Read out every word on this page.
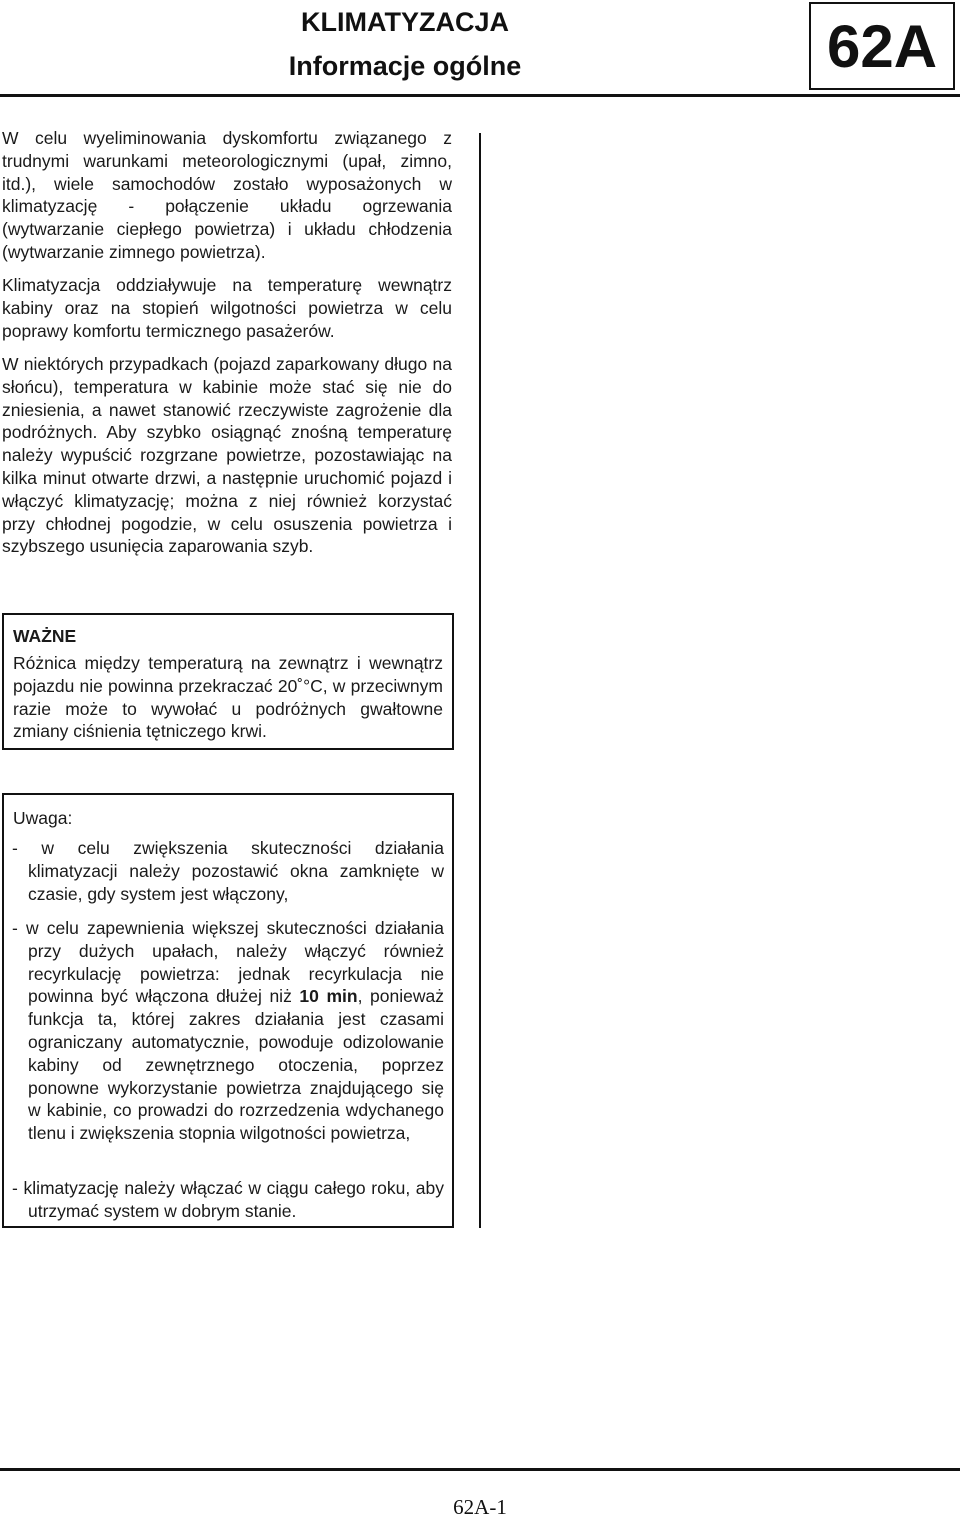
KLIMATYZACJA
Informacje ogólne	62A

W celu wyeliminowania dyskomfortu związanego z trudnymi warunkami meteorologicznymi (upał, zimno, itd.), wiele samochodów zostało wyposażonych w klimatyzację - połączenie układu ogrzewania (wytwarzanie ciepłego powietrza) i układu chłodzenia (wytwarzanie zimnego powietrza).

Klimatyzacja oddziaływuje na temperaturę wewnątrz kabiny oraz na stopień wilgotności powietrza w celu poprawy komfortu termicznego pasażerów.

W niektórych przypadkach (pojazd zaparkowany długo na słońcu), temperatura w kabinie może stać się nie do zniesienia, a nawet stanowić rzeczywiste zagrożenie dla podróżnych. Aby szybko osiągnąć znośną temperaturę należy wypuścić rozgrzane powietrze, pozostawiając na kilka minut otwarte drzwi, a następnie uruchomić pojazd i włączyć klimatyzację; można z niej również korzystać przy chłodnej pogodzie, w celu osuszenia powietrza i szybszego usunięcia zaparowania szyb.

WAŻNE

Różnica między temperaturą na zewnątrz i wewnątrz pojazdu nie powinna przekraczać 20˚°C, w przeciwnym razie może to wywołać u podróżnych gwałtowne zmiany ciśnienia tętniczego krwi.

Uwaga:

- w celu zwiększenia skuteczności działania klimatyzacji należy pozostawić okna zamknięte w czasie, gdy system jest włączony,

- w celu zapewnienia większej skuteczności działania przy dużych upałach, należy włączyć również recyrkulację powietrza: jednak recyrkulacja nie powinna być włączona dłużej niż 10 min, ponieważ funkcja ta, której zakres działania jest czasami ograniczany automatycznie, powoduje odizolowanie kabiny od zewnętrznego otoczenia, poprzez ponowne wykorzystanie powietrza znajdującego się w kabinie, co prowadzi do rozrzedzenia wdychanego tlenu i zwiększenia stopnia wilgotności powietrza,

- klimatyzację należy włączać w ciągu całego roku, aby utrzymać system w dobrym stanie.

62A-1
